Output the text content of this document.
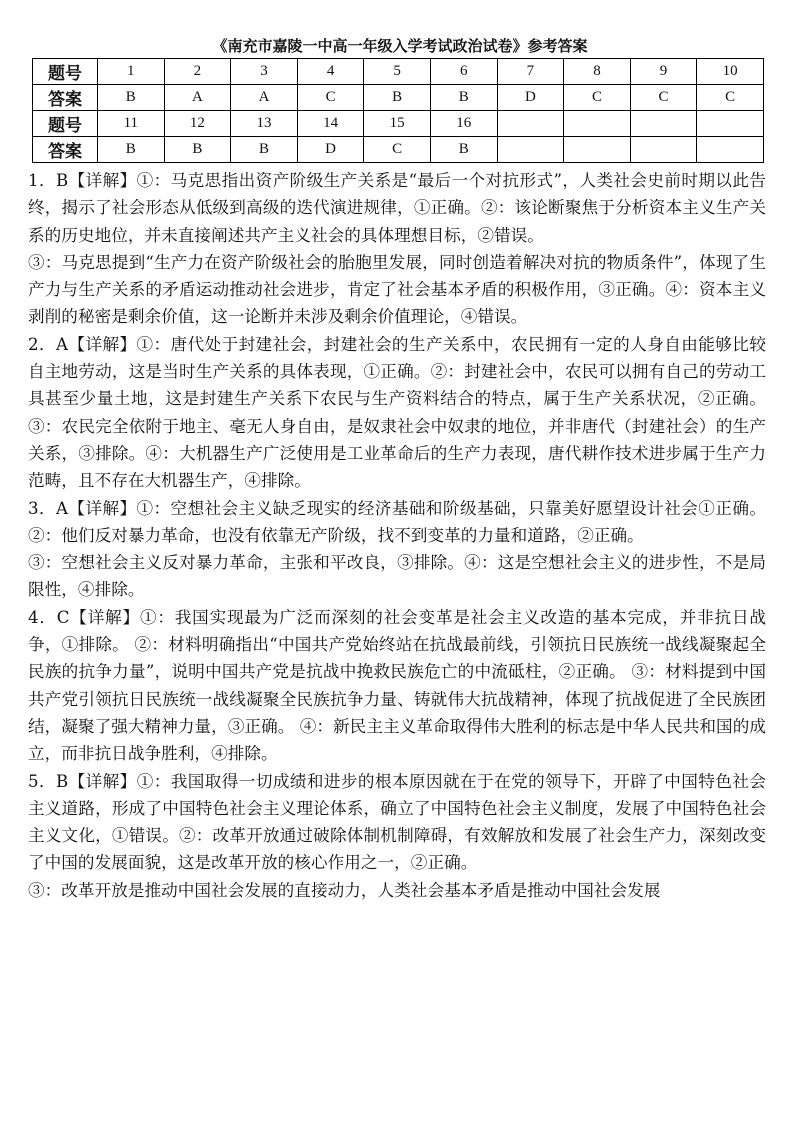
《南充市嘉陵一中高一年级入学考试政治试卷》参考答案
题号	1	2	3	4	5	6	7	8	9	10
答案	B	A	A	C	B	B	D	C	C	C
题号	11	12	13	14	15	16				
答案	B	B	B	D	C	B				

1．B【详解】①：马克思指出资产阶级生产关系是“最后一个对抗形式”，人类社会史前时期以此告终，揭示了社会形态从低级到高级的迭代演进规律，①正确。②：该论断聚焦于分析资本主义生产关系的历史地位，并未直接阐述共产主义社会的具体理想目标，②错误。

③：马克思提到“生产力在资产阶级社会的胎胞里发展，同时创造着解决对抗的物质条件”，体现了生产力与生产关系的矛盾运动推动社会进步，肯定了社会基本矛盾的积极作用，③正确。④：资本主义剥削的秘密是剩余价值，这一论断并未涉及剩余价值理论，④错误。

2．A【详解】①：唐代处于封建社会，封建社会的生产关系中，农民拥有一定的人身自由能够比较自主地劳动，这是当时生产关系的具体表现，①正确。②：封建社会中，农民可以拥有自己的劳动工具甚至少量土地，这是封建生产关系下农民与生产资料结合的特点，属于生产关系状况，②正确。③：农民完全依附于地主、毫无人身自由，是奴隶社会中奴隶的地位，并非唐代（封建社会）的生产关系，③排除。④：大机器生产广泛使用是工业革命后的生产力表现，唐代耕作技术进步属于生产力范畴，且不存在大机器生产，④排除。

3．A【详解】①：空想社会主义缺乏现实的经济基础和阶级基础，只靠美好愿望设计社会①正确。②：他们反对暴力革命，也没有依靠无产阶级，找不到变革的力量和道路，②正确。

③：空想社会主义反对暴力革命，主张和平改良，③排除。④：这是空想社会主义的进步性，不是局限性，④排除。

4．C【详解】①：我国实现最为广泛而深刻的社会变革是社会主义改造的基本完成，并非抗日战争，①排除。 ②：材料明确指出“中国共产党始终站在抗战最前线，引领抗日民族统一战线凝聚起全民族的抗争力量”，说明中国共产党是抗战中挽救民族危亡的中流砥柱，②正确。 ③：材料提到中国共产党引领抗日民族统一战线凝聚全民族抗争力量、铸就伟大抗战精神，体现了抗战促进了全民族团结，凝聚了强大精神力量，③正确。 ④：新民主主义革命取得伟大胜利的标志是中华人民共和国的成立，而非抗日战争胜利，④排除。

5．B【详解】①：我国取得一切成绩和进步的根本原因就在于在党的领导下，开辟了中国特色社会主义道路，形成了中国特色社会主义理论体系，确立了中国特色社会主义制度，发展了中国特色社会主义文化，①错误。②：改革开放通过破除体制机制障碍，有效解放和发展了社会生产力，深刻改变了中国的发展面貌，这是改革开放的核心作用之一，②正确。

③：改革开放是推动中国社会发展的直接动力，人类社会基本矛盾是推动中国社会发展
